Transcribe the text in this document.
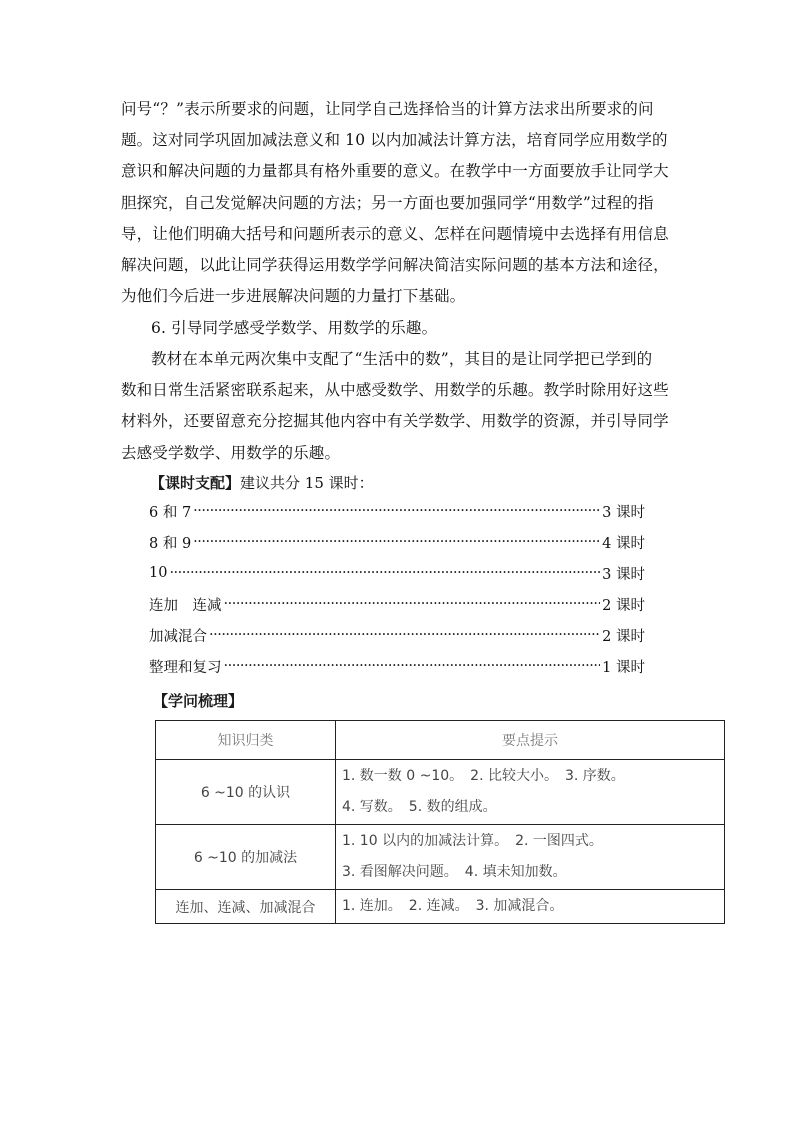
问号“？”表示所要求的问题，让同学自己选择恰当的计算方法求出所要求的问
题。这对同学巩固加减法意义和 10 以内加减法计算方法，培育同学应用数学的
意识和解决问题的力量都具有格外重要的意义。在教学中一方面要放手让同学大
胆探究，自己发觉解决问题的方法；另一方面也要加强同学“用数学”过程的指
导，让他们明确大括号和问题所表示的意义、怎样在问题情境中去选择有用信息
解决问题，以此让同学获得运用数学学问解决简洁实际问题的基本方法和途径，
为他们今后进一步进展解决问题的力量打下基础。
6. 引导同学感受学数学、用数学的乐趣。
教材在本单元两次集中支配了“生活中的数”，其目的是让同学把已学到的
数和日常生活紧密联系起来，从中感受数学、用数学的乐趣。教学时除用好这些
材料外，还要留意充分挖掘其他内容中有关学数学、用数学的资源，并引导同学
去感受学数学、用数学的乐趣。
【课时支配】建议共分 15 课时：
6 和 7 ·····	3 课时
8 和 9 ·····	4 课时
10 ·····	3 课时
连加　连减 ·····	2 课时
加减混合 ·····	2 课时
整理和复习 ·····	1 课时
【学问梳理】
知识归类	要点提示
6 ~10 的认识	1. 数一数 0 ~10。　2. 比较大小。　3. 序数。
4. 写数。　5. 数的组成。

6 ~10 的加减法	1. 10 以内的加减法计算。　2. 一图四式。
3. 看图解决问题。　4. 填未知加数。

连加、连减、加减混合	1. 连加。　2. 连减。　3. 加减混合。
